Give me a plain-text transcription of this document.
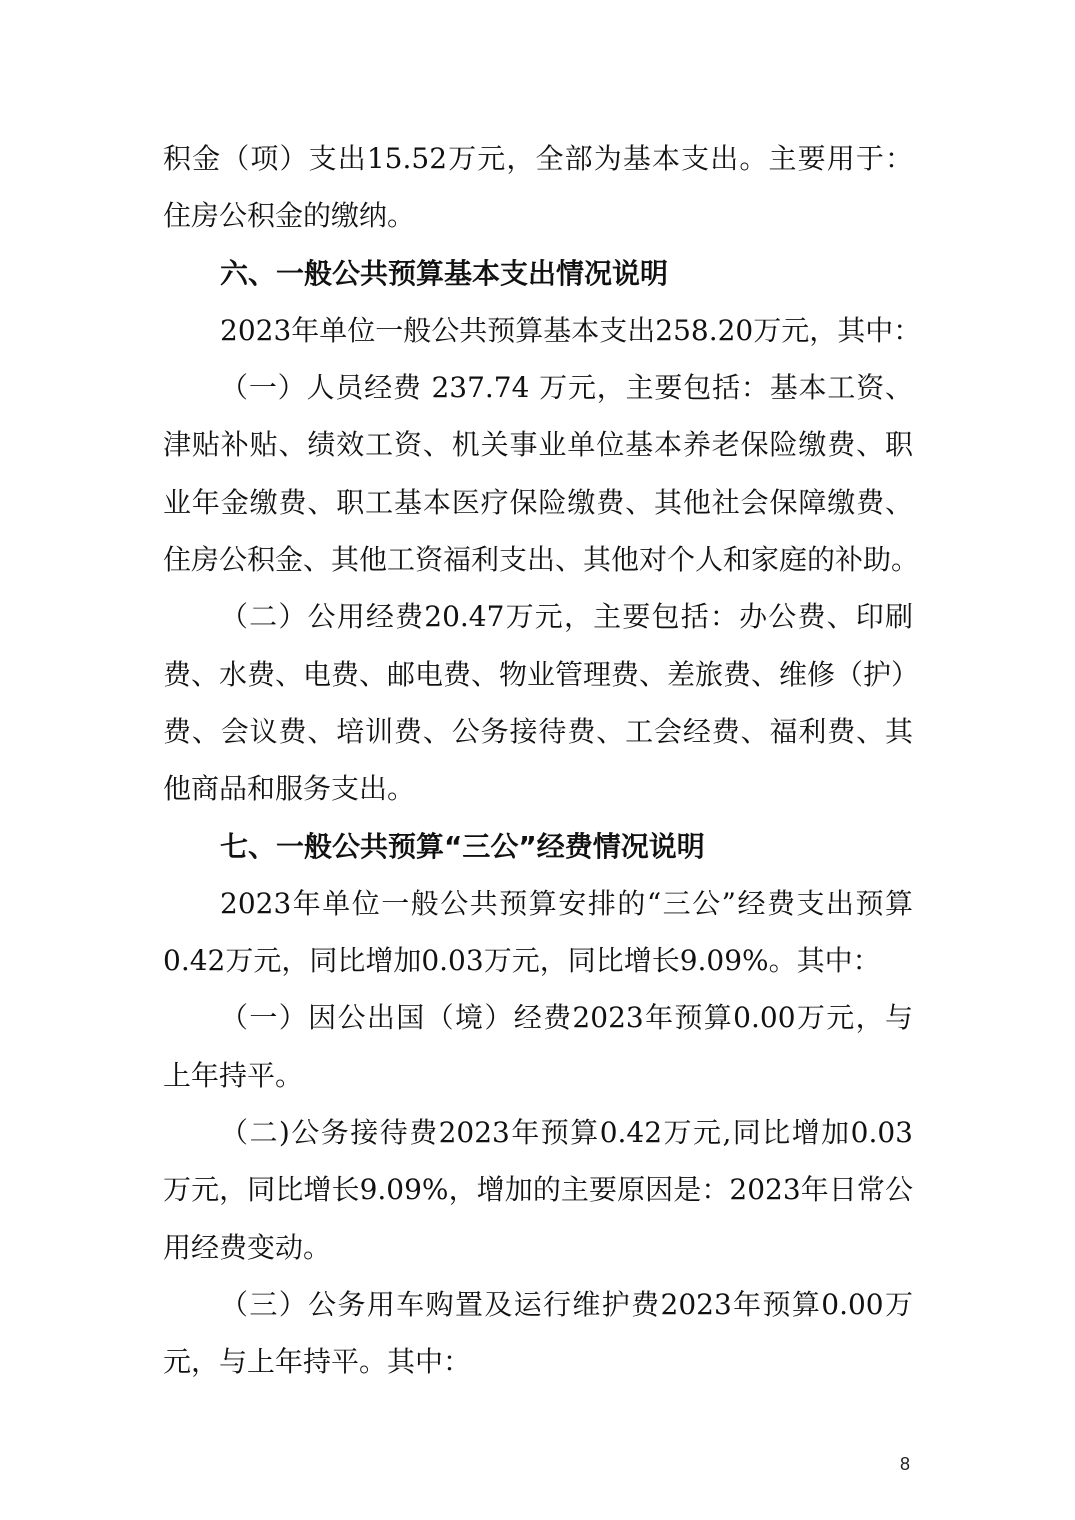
积金（项）支出15.52万元，全部为基本支出。主要用于：
住房公积金的缴纳。
六、一般公共预算基本支出情况说明
2023年单位一般公共预算基本支出258.20万元，其中：
（一）人员经费 237.74 万元，主要包括：基本工资、
津贴补贴、绩效工资、机关事业单位基本养老保险缴费、职
业年金缴费、职工基本医疗保险缴费、其他社会保障缴费、
住房公积金、其他工资福利支出、其他对个人和家庭的补助。
（二）公用经费20.47万元，主要包括：办公费、印刷
费、水费、电费、邮电费、物业管理费、差旅费、维修（护）
费、会议费、培训费、公务接待费、工会经费、福利费、其
他商品和服务支出。
七、一般公共预算“三公”经费情况说明
2023年单位一般公共预算安排的“三公”经费支出预算
0.42万元，同比增加0.03万元，同比增长9.09%。其中：
（一）因公出国（境）经费2023年预算0.00万元，与
上年持平。
（二)公务接待费2023年预算0.42万元,同比增加0.03
万元，同比增长9.09%，增加的主要原因是：2023年日常公
用经费变动。
（三）公务用车购置及运行维护费2023年预算0.00万
元，与上年持平。其中：
8
